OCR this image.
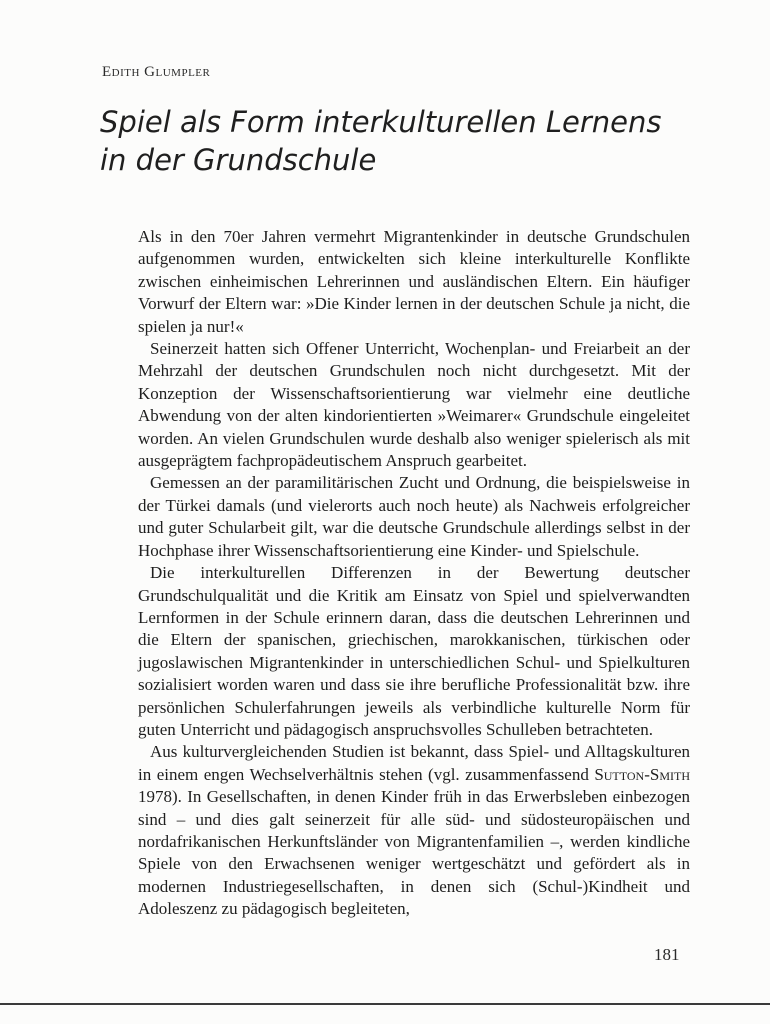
Edith Glumpler
Spiel als Form interkulturellen Lernens
in der Grundschule

Als in den 70er Jahren vermehrt Migrantenkinder in deutsche Grundschulen aufgenommen wurden, entwickelten sich kleine interkulturelle Konflikte zwischen einheimischen Lehrerinnen und ausländischen Eltern. Ein häufiger Vorwurf der Eltern war: »Die Kinder lernen in der deutschen Schule ja nicht, die spielen ja nur!«

Seinerzeit hatten sich Offener Unterricht, Wochenplan- und Freiarbeit an der Mehrzahl der deutschen Grundschulen noch nicht durchgesetzt. Mit der Konzeption der Wissenschaftsorientierung war vielmehr eine deutliche Abwendung von der alten kindorientierten »Weimarer« Grundschule eingeleitet worden. An vielen Grundschulen wurde deshalb also weniger spielerisch als mit ausgeprägtem fachpropädeutischem Anspruch gearbeitet.

Gemessen an der paramilitärischen Zucht und Ordnung, die beispielsweise in der Türkei damals (und vielerorts auch noch heute) als Nachweis erfolgreicher und guter Schularbeit gilt, war die deutsche Grundschule allerdings selbst in der Hochphase ihrer Wissenschaftsorientierung eine Kinder- und Spielschule.

Die interkulturellen Differenzen in der Bewertung deutscher Grundschulqualität und die Kritik am Einsatz von Spiel und spielverwandten Lernformen in der Schule erinnern daran, dass die deutschen Lehrerinnen und die Eltern der spanischen, griechischen, marokkanischen, türkischen oder jugoslawischen Migrantenkinder in unterschiedlichen Schul- und Spielkulturen sozialisiert worden waren und dass sie ihre berufliche Professionalität bzw. ihre persönlichen Schulerfahrungen jeweils als verbindliche kulturelle Norm für guten Unterricht und pädagogisch anspruchsvolles Schulleben betrachteten.

Aus kulturvergleichenden Studien ist bekannt, dass Spiel- und Alltagskulturen in einem engen Wechselverhältnis stehen (vgl. zusammenfassend Sutton-Smith 1978). In Gesellschaften, in denen Kinder früh in das Erwerbsleben einbezogen sind – und dies galt seinerzeit für alle süd- und südosteuropäischen und nordafrikanischen Herkunftsländer von Migrantenfamilien –, werden kindliche Spiele von den Erwachsenen weniger wertgeschätzt und gefördert als in modernen Industriegesellschaften, in denen sich (Schul-)Kindheit und Adoleszenz zu pädagogisch begleiteten,

181
